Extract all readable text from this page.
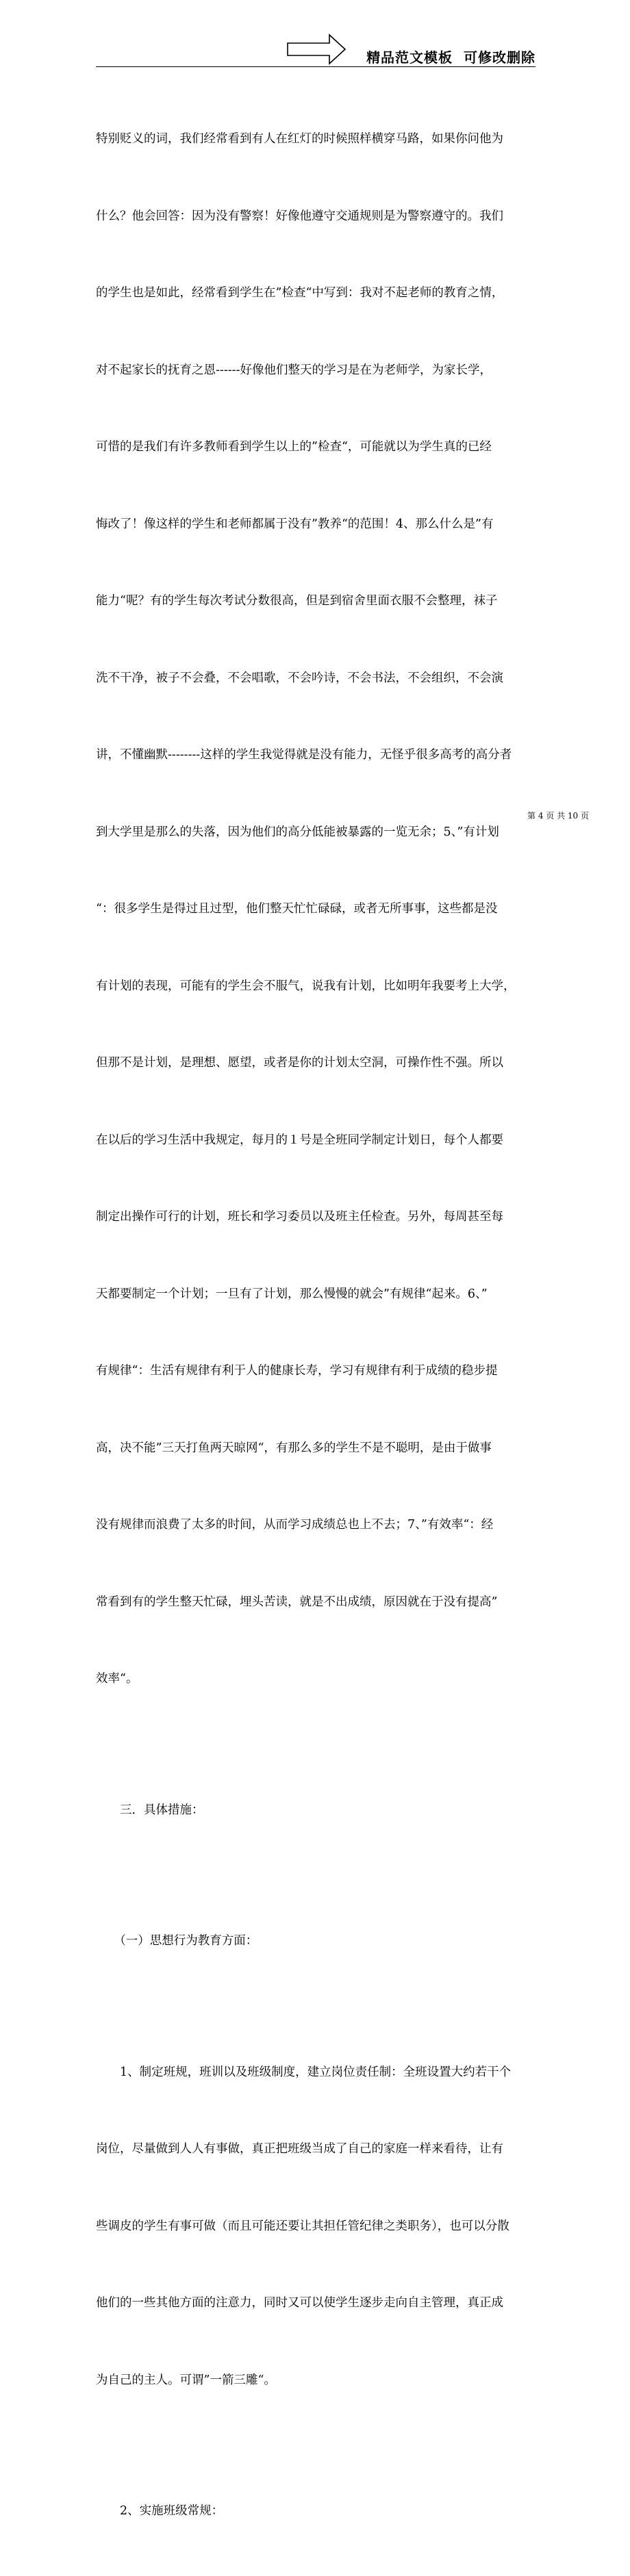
精品范文模板  可修改删除

特别贬义的词，我们经常看到有人在红灯的时候照样横穿马路，如果你问他为

什么？他会回答：因为没有警察！好像他遵守交通规则是为警察遵守的。我们

的学生也是如此，经常看到学生在”检查“中写到：我对不起老师的教育之情，

对不起家长的抚育之恩------好像他们整天的学习是在为老师学，为家长学，

可惜的是我们有许多教师看到学生以上的”检查“，可能就以为学生真的已经

悔改了！像这样的学生和老师都属于没有”教养“的范围！4、那么什么是”有

能力“呢？有的学生每次考试分数很高，但是到宿舍里面衣服不会整理，袜子

洗不干净，被子不会叠，不会唱歌，不会吟诗，不会书法，不会组织，不会演

讲，不懂幽默--------这样的学生我觉得就是没有能力，无怪乎很多高考的高分者

到大学里是那么的失落，因为他们的高分低能被暴露的一览无余；5、”有计划

“：很多学生是得过且过型，他们整天忙忙碌碌，或者无所事事，这些都是没

有计划的表现，可能有的学生会不服气，说我有计划，比如明年我要考上大学，

但那不是计划，是理想、愿望，或者是你的计划太空洞，可操作性不强。所以

在以后的学习生活中我规定，每月的１号是全班同学制定计划日，每个人都要

制定出操作可行的计划，班长和学习委员以及班主任检查。另外，每周甚至每

天都要制定一个计划；一旦有了计划，那么慢慢的就会”有规律“起来。6、”

有规律“：生活有规律有利于人的健康长寿，学习有规律有利于成绩的稳步提

高，决不能”三天打鱼两天晾网“，有那么多的学生不是不聪明，是由于做事

没有规律而浪费了太多的时间，从而学习成绩总也上不去；7、”有效率“：经

常看到有的学生整天忙碌，埋头苦读，就是不出成绩，原因就在于没有提高”

效率“。

　　三．具体措施：

　　（一）思想行为教育方面：

　　1、制定班规，班训以及班级制度，建立岗位责任制：全班设置大约若干个

岗位，尽量做到人人有事做，真正把班级当成了自己的家庭一样来看待，让有

些调皮的学生有事可做（而且可能还要让其担任管纪律之类职务），也可以分散

他们的一些其他方面的注意力，同时又可以使学生逐步走向自主管理，真正成

为自己的主人。可谓”一箭三雕“。

　　2、实施班级常规：

第 4 页 共 10 页
